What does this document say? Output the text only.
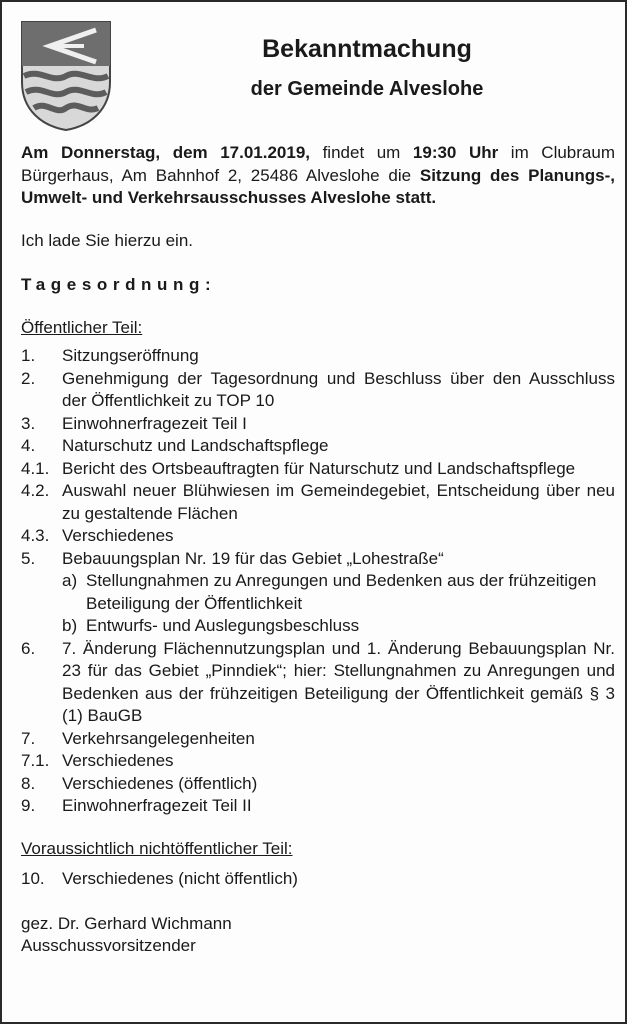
Bekanntmachung
der Gemeinde Alveslohe

Am Donnerstag, dem 17.01.2019, findet um 19:30 Uhr im Clubraum Bürgerhaus, Am Bahnhof 2, 25486 Alveslohe die Sitzung des Planungs-, Umwelt- und Verkehrsausschusses Alveslohe statt.

Ich lade Sie hierzu ein.

Tagesordnung:

Öffentlicher Teil:

1.	Sitzungseröffnung
2.	Genehmigung der Tagesordnung und Beschluss über den Ausschluss der Öffentlichkeit zu TOP 10
3.	Einwohnerfragezeit Teil I
4.	Naturschutz und Landschaftspflege
4.1. Bericht des Ortsbeauftragten für Naturschutz und Landschaftspflege
4.2. Auswahl neuer Blühwiesen im Gemeindegebiet, Entscheidung über neu zu gestaltende Flächen
4.3. Verschiedenes
5.	Bebauungsplan Nr. 19 für das Gebiet „Lohestraße“
a) Stellungnahmen zu Anregungen und Bedenken aus der frühzeitigen Beteiligung der Öffentlichkeit
b) Entwurfs- und Auslegungsbeschluss
6.	7. Änderung Flächennutzungsplan und 1. Änderung Bebauungsplan Nr. 23 für das Gebiet „Pinndiek“; hier: Stellungnahmen zu Anregungen und Bedenken aus der frühzeitigen Beteiligung der Öffentlichkeit gemäß § 3 (1) BauGB
7.	Verkehrsangelegenheiten
7.1. Verschiedenes
8.	Verschiedenes (öffentlich)
9.	Einwohnerfragezeit Teil II

Voraussichtlich nichtöffentlicher Teil:

10.	Verschiedenes (nicht öffentlich)
gez. Dr. Gerhard Wichmann
Ausschussvorsitzender
